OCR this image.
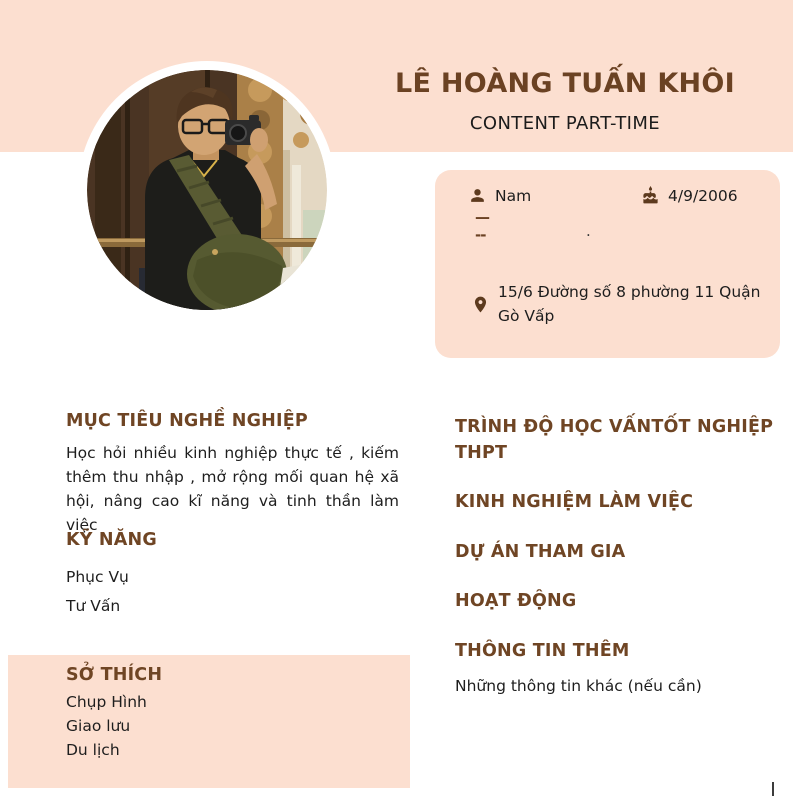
LÊ HOÀNG TUẤN KHÔI
CONTENT PART-TIME
Nam	4/9/2006
—
--	.
15/6 Đường số 8 phường 11 Quận Gò Vấp
MỤC TIÊU NGHỀ NGHIỆP
Học hỏi nhiều kinh nghiệp thực tế , kiếm thêm thu nhập , mở rộng mối quan hệ xã hội, nâng cao kĩ năng và tinh thần làm việc
KỸ NĂNG
Phục Vụ
Tư Vấn
SỞ THÍCH
Chụp Hình
Giao lưu
Du lịch
TRÌNH ĐỘ HỌC VẤNTỐT NGHIỆP THPT
KINH NGHIỆM LÀM VIỆC
DỰ ÁN THAM GIA
HOẠT ĐỘNG
THÔNG TIN THÊM
Những thông tin khác (nếu cần)
